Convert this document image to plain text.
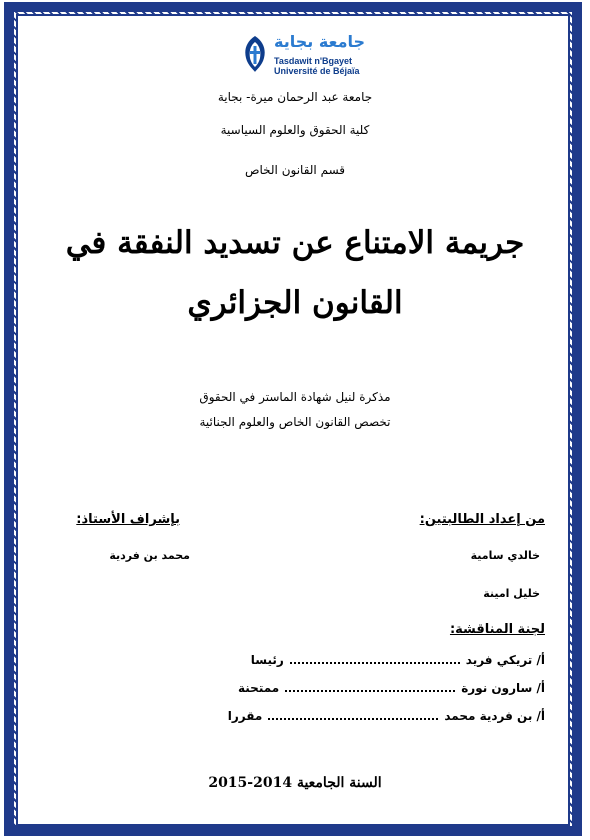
جامعة بجاية
Tasdawit n'Bgayet
Université de Béjaïa
جامعة عبد الرحمان ميرة- بجاية
كلية الحقوق والعلوم السياسية
قسم القانون الخاص
جريمة الامتناع عن تسديد النفقة في
القانون الجزائري
مذكرة لنيل شهادة الماستر في الحقوق
تخصص القانون الخاص والعلوم الجنائية
من إعداد الطالبتين:
بإشراف الأستاذ:
خالدي سامية
محمد بن فردية
خليل امينة
لجنة المناقشة:
أ/ تريكي فريد
رئيسا
أ/ سارون نورة
ممتحنة
أ/ بن فردية محمد
مقررا
السنة الجامعية 2014-2015
